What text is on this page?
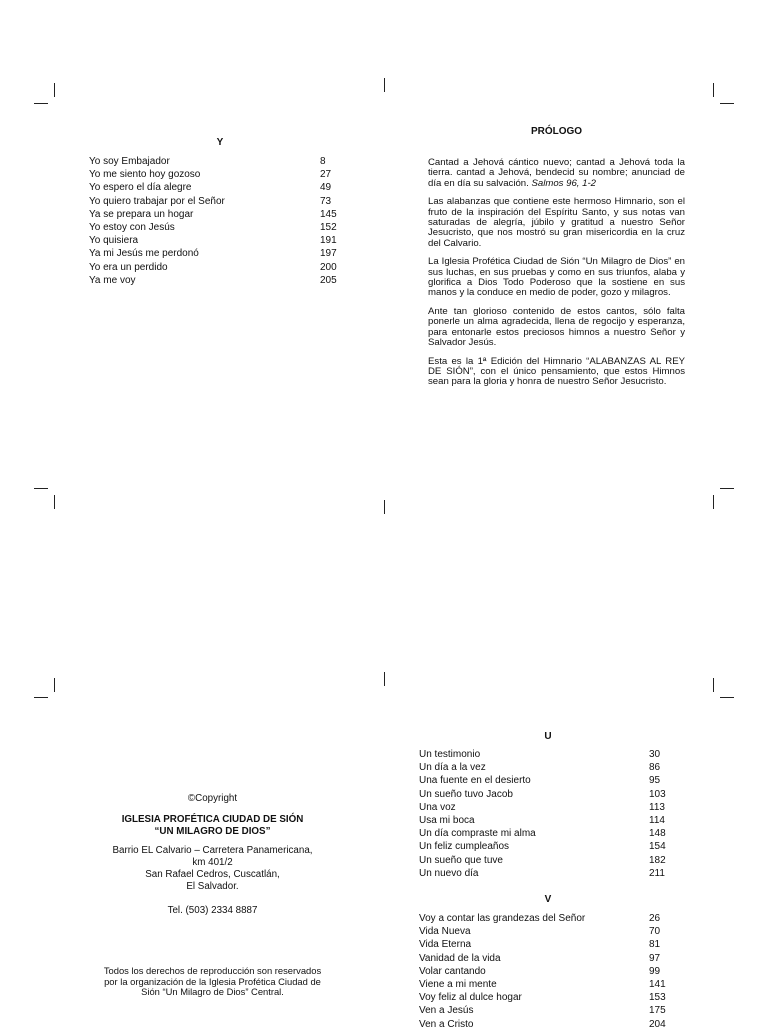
Y
Yo soy Embajador	8
Yo me siento hoy gozoso	27
Yo espero el día alegre	49
Yo quiero trabajar por el Señor	73
Ya se prepara un hogar	145
Yo estoy con Jesús	152
Yo quisiera	191
Ya mi Jesús me perdonó	197
Yo era un perdido	200
Ya me voy	205
PRÓLOGO

Cantad a Jehová cántico nuevo; cantad a Jehová toda la tierra. cantad a Jehová, bendecid su nombre; anunciad de día en día su salvación. Salmos 96, 1-2

Las alabanzas que contiene este hermoso Himnario, son el fruto de la inspiración del Espíritu Santo, y sus notas van saturadas de alegría, júbilo y gratitud a nuestro Señor Jesucristo, que nos mostró su gran misericordia en la cruz del Calvario.

La Iglesia Profética Ciudad de Sión “Un Milagro de Dios” en sus luchas, en sus pruebas y como en sus triunfos, alaba y glorifica a Dios Todo Poderoso que la sostiene en sus manos y la conduce en medio de poder, gozo y milagros.

Ante tan glorioso contenido de estos cantos, sólo falta ponerle un alma agradecida, llena de regocijo y esperanza, para entonarle estos preciosos himnos a nuestro Señor y Salvador Jesús.

Esta es la 1ª Edición del Himnario “ALABANZAS AL REY DE SIÓN”, con el único pensamiento, que estos Himnos sean para la gloria y honra de nuestro Señor Jesucristo.

©Copyright

IGLESIA PROFÉTICA CIUDAD DE SIÓN

“UN MILAGRO DE DIOS”

Barrio EL Calvario – Carretera Panamericana,

km 401/2

San Rafael Cedros, Cuscatlán,

El Salvador.

Tel. (503) 2334 8887

Todos los derechos de reproducción son reservados

por la organización de la Iglesia Profética Ciudad de

Sión “Un Milagro de Dios” Central.

U
Un testimonio	30
Un día a la vez	86
Una fuente en el desierto	95
Un sueño tuvo Jacob	103
Una voz	113
Usa mi boca	114
Un día compraste mi alma	148
Un feliz cumpleaños	154
Un sueño que tuve	182
Un nuevo día	211
V
Voy a contar las grandezas del Señor	26
Vida Nueva	70
Vida Eterna	81
Vanidad de la vida	97
Volar cantando	99
Viene a mi mente	141
Voy feliz al dulce hogar	153
Ven a Jesús	175
Ven a Cristo	204
